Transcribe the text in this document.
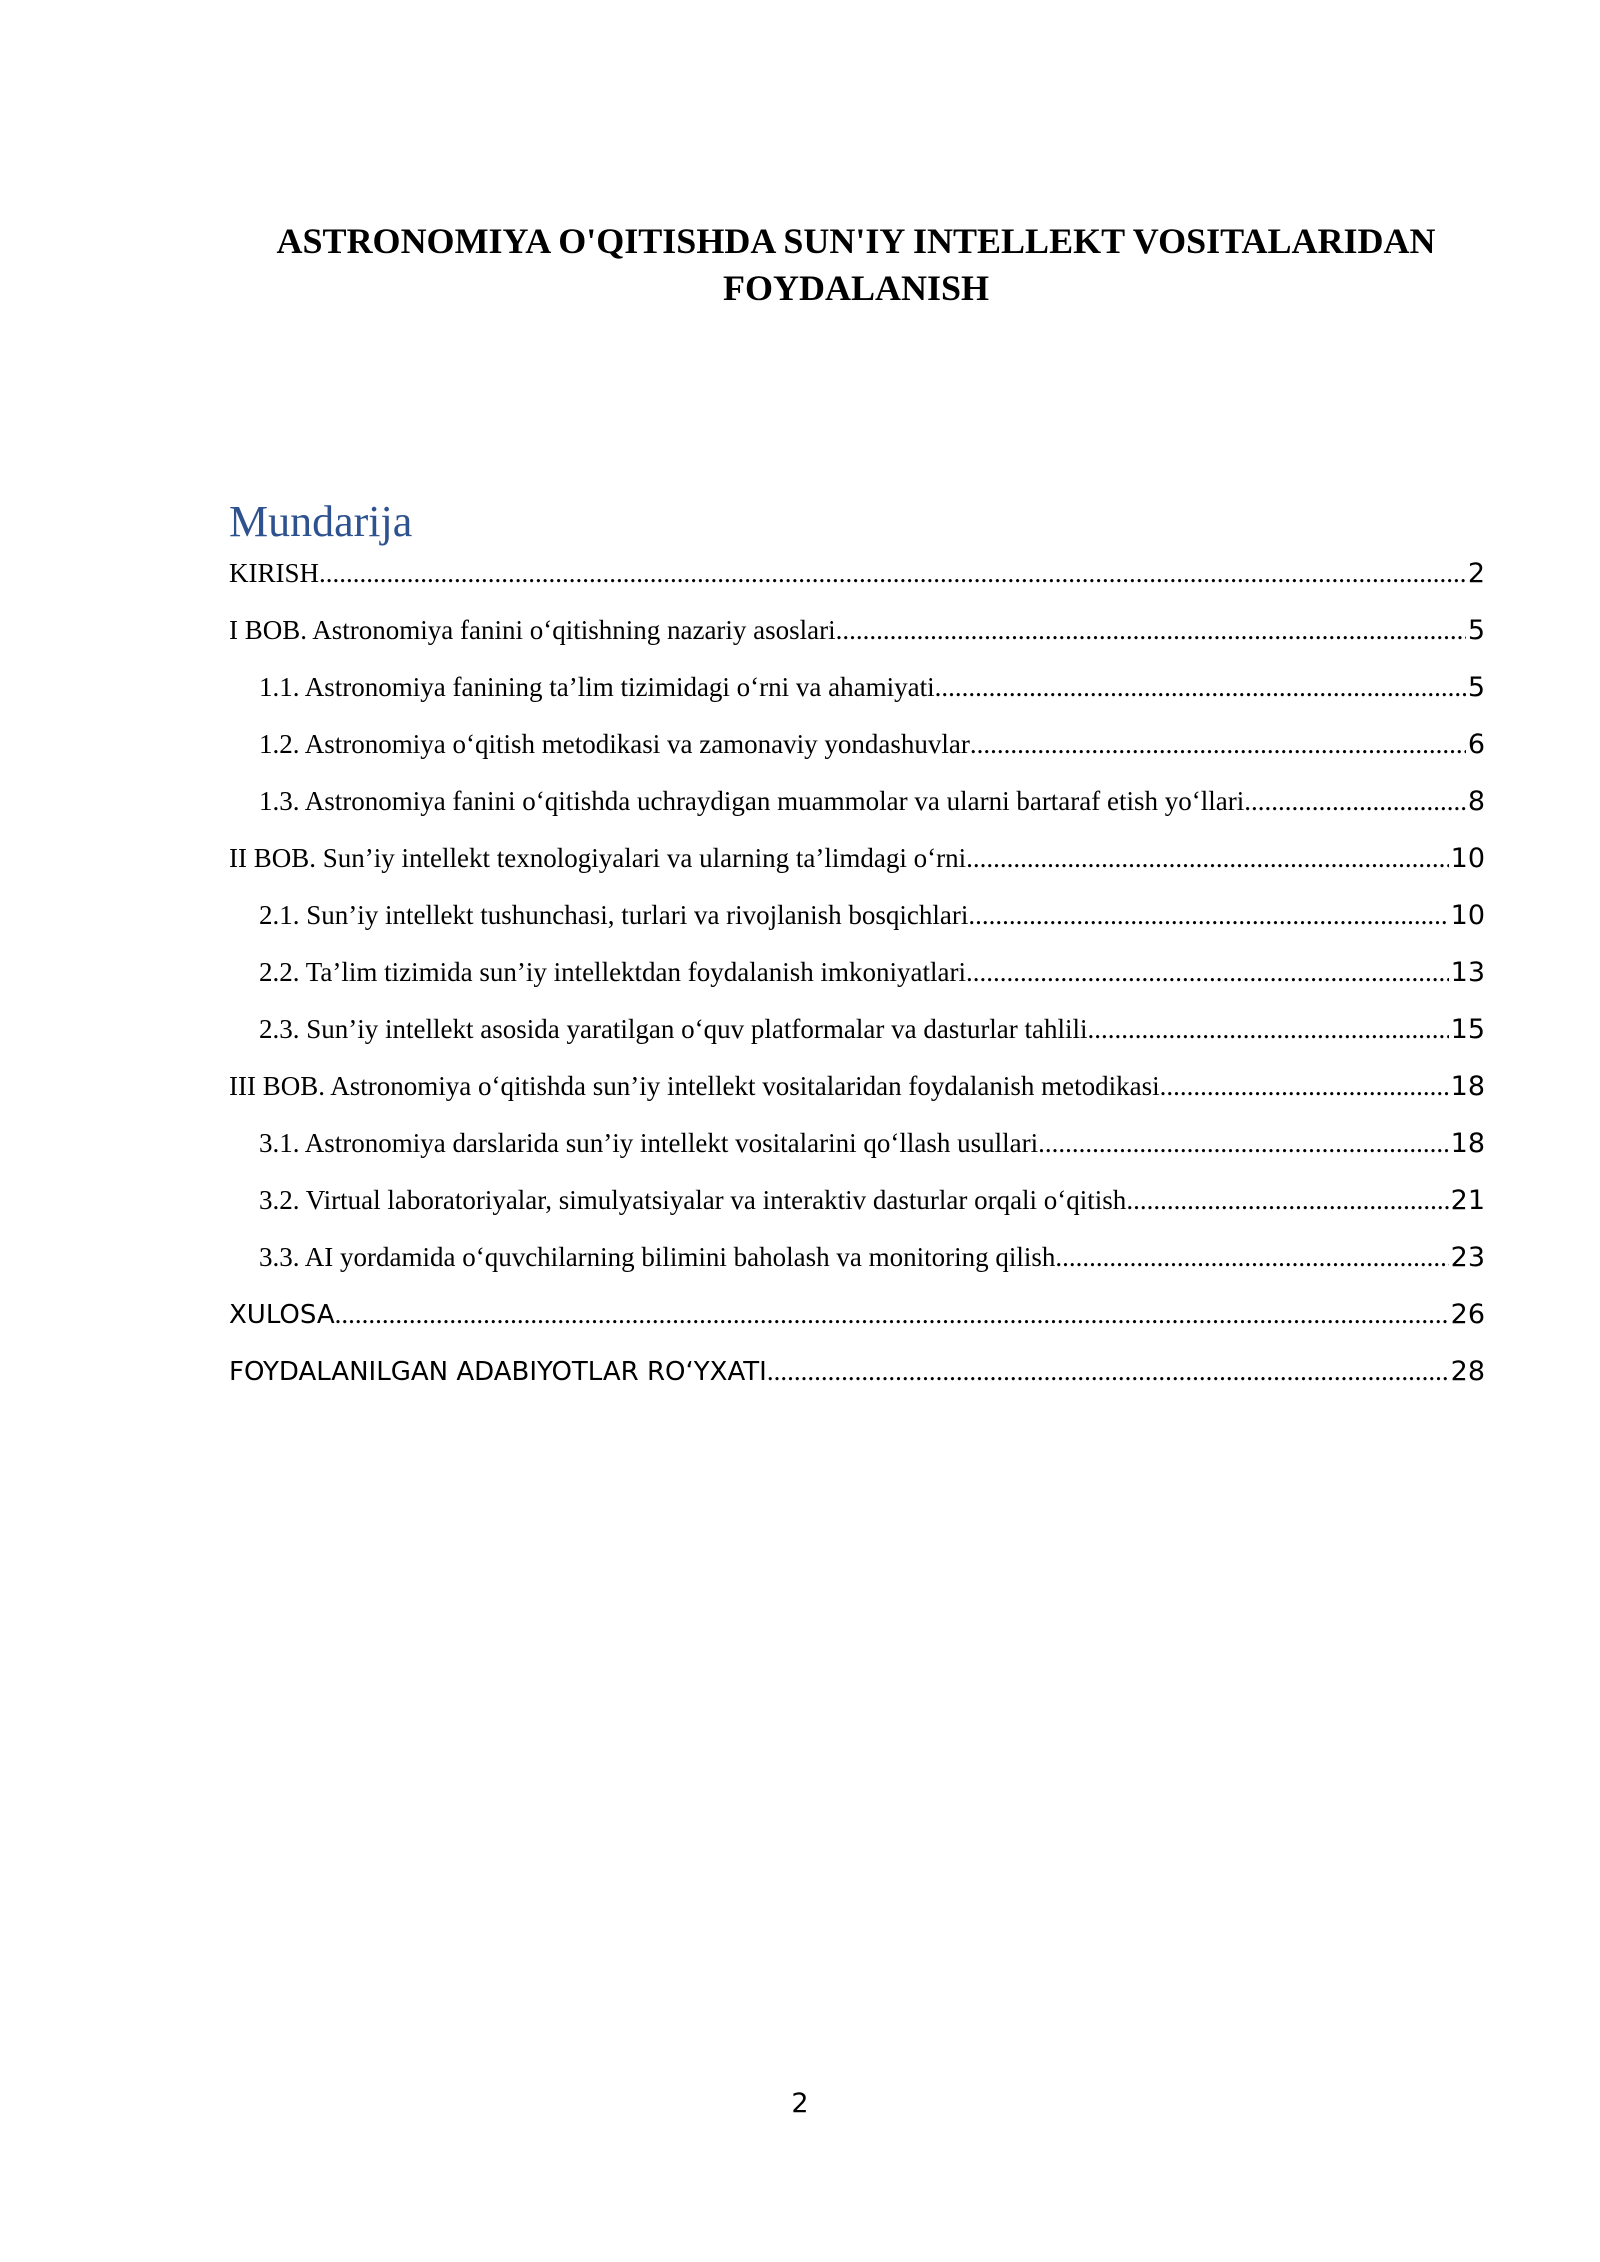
ASTRONOMIYA O'QITISHDA SUN'IY INTELLEKT VOSITALARIDAN
FOYDALANISH
Mundarija
KIRISH .....	2
I BOB. Astronomiya fanini o‘qitishning nazariy asoslari .....	5
1.1. Astronomiya fanining ta’lim tizimidagi o‘rni va ahamiyati .....	5
1.2. Astronomiya o‘qitish metodikasi va zamonaviy yondashuvlar .....	6
1.3. Astronomiya fanini o‘qitishda uchraydigan muammolar va ularni bartaraf etish yo‘llari .....	8
II BOB. Sun’iy intellekt texnologiyalari va ularning ta’limdagi o‘rni .....	10
2.1. Sun’iy intellekt tushunchasi, turlari va rivojlanish bosqichlari .....	10
2.2. Ta’lim tizimida sun’iy intellektdan foydalanish imkoniyatlari .....	13
2.3. Sun’iy intellekt asosida yaratilgan o‘quv platformalar va dasturlar tahlili .....	15
III BOB. Astronomiya o‘qitishda sun’iy intellekt vositalaridan foydalanish metodikasi .....	18
3.1. Astronomiya darslarida sun’iy intellekt vositalarini qo‘llash usullari .....	18
3.2. Virtual laboratoriyalar, simulyatsiyalar va interaktiv dasturlar orqali o‘qitish .....	21
3.3. AI yordamida o‘quvchilarning bilimini baholash va monitoring qilish .....	23
XULOSA .....	26
FOYDALANILGAN ADABIYOTLAR RO‘YXATI .....	28
2
